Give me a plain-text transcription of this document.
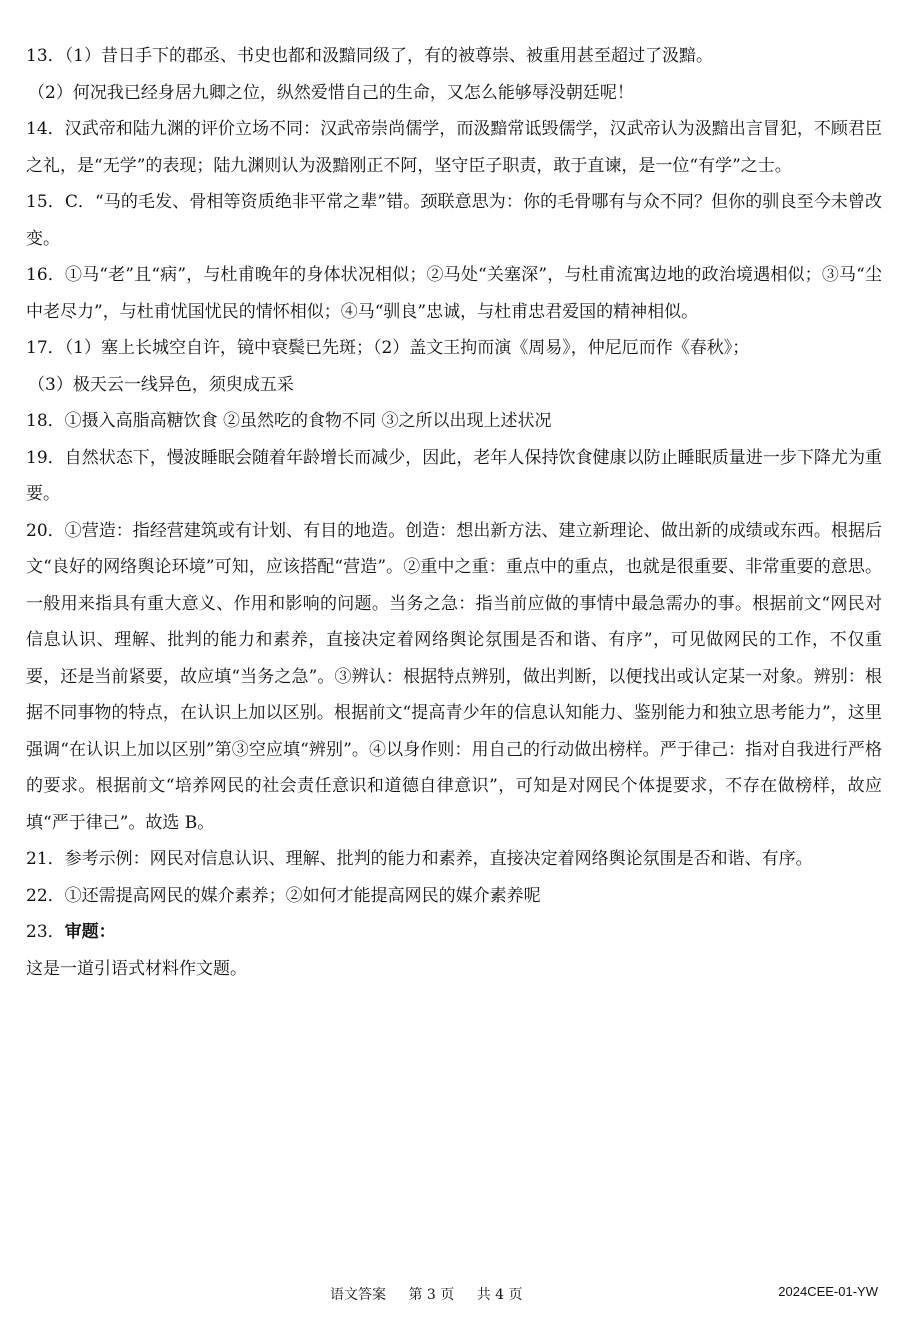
13．（1）昔日手下的郡丞、书史也都和汲黯同级了，有的被尊崇、被重用甚至超过了汲黯。

（2）何况我已经身居九卿之位，纵然爱惜自己的生命，又怎么能够辱没朝廷呢！

14．汉武帝和陆九渊的评价立场不同：汉武帝崇尚儒学，而汲黯常诋毁儒学，汉武帝认为汲黯出言冒犯，不顾君臣之礼，是“无学”的表现；陆九渊则认为汲黯刚正不阿，坚守臣子职责，敢于直谏，是一位“有学”之士。

15．C．“马的毛发、骨相等资质绝非平常之辈”错。颈联意思为：你的毛骨哪有与众不同？但你的驯良至今未曾改变。

16．①马“老”且“病”，与杜甫晚年的身体状况相似；②马处“关塞深”，与杜甫流寓边地的政治境遇相似；③马“尘中老尽力”，与杜甫忧国忧民的情怀相似；④马“驯良”忠诚，与杜甫忠君爱国的精神相似。

17．（1）塞上长城空自许，镜中衰鬓已先斑；（2）盖文王拘而演《周易》，仲尼厄而作《春秋》；

（3）极天云一线异色，须臾成五采

18．①摄入高脂高糖饮食 ②虽然吃的食物不同 ③之所以出现上述状况

19．自然状态下，慢波睡眠会随着年龄增长而减少，因此，老年人保持饮食健康以防止睡眠质量进一步下降尤为重要。

20．①营造：指经营建筑或有计划、有目的地造。创造：想出新方法、建立新理论、做出新的成绩或东西。根据后文“良好的网络舆论环境”可知，应该搭配“营造”。②重中之重：重点中的重点，也就是很重要、非常重要的意思。一般用来指具有重大意义、作用和影响的问题。当务之急：指当前应做的事情中最急需办的事。根据前文“网民对信息认识、理解、批判的能力和素养，直接决定着网络舆论氛围是否和谐、有序”，可见做网民的工作，不仅重要，还是当前紧要，故应填“当务之急”。③辨认：根据特点辨别，做出判断，以便找出或认定某一对象。辨别：根据不同事物的特点，在认识上加以区别。根据前文“提高青少年的信息认知能力、鉴别能力和独立思考能力”，这里强调“在认识上加以区别”第③空应填“辨别”。④以身作则：用自己的行动做出榜样。严于律己：指对自我进行严格的要求。根据前文“培养网民的社会责任意识和道德自律意识”，可知是对网民个体提要求，不存在做榜样，故应填“严于律己”。故选 B。

21．参考示例：网民对信息认识、理解、批判的能力和素养，直接决定着网络舆论氛围是否和谐、有序。

22．①还需提高网民的媒介素养；②如何才能提高网民的媒介素养呢

23．审题：

这是一道引语式材料作文题。

语文答案 第 3 页 共 4 页	2024CEE-01-YW
